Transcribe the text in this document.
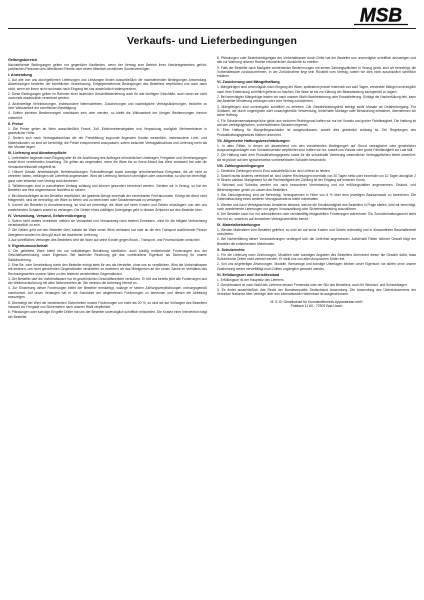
MSB
Verkaufs- und Lieferbedingungen
Geltungsbereich
Nachstehende Bedingungen gelten nur gegenüber Kaufleuten, wenn der Vertrag zum Betrieb ihres Handelsgewerbes gehört, juristischen Personen des öffentlichen Rechts oder einem öffentlich-rechtlichen Sondervermögen.
I. Anwendung
1. Auf alle von uns durchgeführten Lieferungen und Leistungen finden ausschließlich die nachstehenden Bedingungen Anwendung. Abweichungen bedürfen der schriftlichen Vereinbarung. Entgegenstehende Bedingungen des Bestellers verpflichten uns auch dann nicht, wenn wir ihnen nicht nochmals nach Eingang bei uns ausdrücklich widersprechen.
2. Diese Bedingungen gelten im Rahmen einer laufenden Geschäftsbeziehung auch für alle künftigen Geschäfte, auch wenn sie nicht nochmals ausdrücklich vereinbart werden.
3. Anderweitige Vereinbarungen, insbesondere Nebenabreden, Zusicherungen und nachträgliche Vertragsänderungen, bedürfen zu ihrer Wirksamkeit der schriftlichen Bestätigung.
4. Sollten einzelne Bestimmungen unwirksam sein oder werden, so bleibt die Wirksamkeit der übrigen Bestimmungen hiervon unberührt.
II. Preise
1. Die Preise gelten ab Werk ausschließlich Fracht, Zoll, Einfuhrnebenabgaben und Verpackung zuzüglich Mehrwertsteuer in gesetzlicher Höhe.
2. Ändern sich nach Vertragsabschluss die der Preisbildung zugrunde liegenden Kosten wesentlich, insbesondere Lohn- und Materialkosten, so sind wir berechtigt, die Preise entsprechend anzupassen, sofern zwischen Vertragsabschluss und Lieferung mehr als vier Monate liegen.
III. Lieferung und Abnahmepflicht
1. Lieferfristen beginnen nach Eingang aller für die Ausführung des Auftrages erforderlichen Unterlagen, Freigaben und Genehmigungen sowie einer vereinbarten Anzahlung. Sie gelten als eingehalten, wenn die Ware bis zu ihrem Ablauf das Werk verlassen hat oder die Versandbereitschaft mitgeteilt ist.
2. Höhere Gewalt, Arbeitskämpfe, Betriebsstörungen, Rohstoffmangel sowie sonstige unvorhersehbare Ereignisse, die wir nicht zu vertreten haben, verlängern die Lieferfrist angemessen. Wird die Lieferung hierdurch unmöglich oder unzumutbar, so sind wir berechtigt, ganz oder teilweise vom Vertrag zurückzutreten.
3. Teillieferungen sind in zumutbarem Umfang zulässig und können gesondert berechnet werden. Geraten wir in Verzug, so hat der Besteller uns eine angemessene Nachfrist zu setzen.
4. Bei Abrufaufträgen ist der Besteller verpflichtet, die gesamte Menge innerhalb der vereinbarten Frist abzurufen. Erfolgt der Abruf nicht fristgerecht, sind wir berechtigt, die Ware zu liefern und zu berechnen oder Schadensersatz zu verlangen.
5. Kommt der Besteller in Annahmeverzug, so sind wir berechtigt, die Ware auf seine Kosten und Gefahr einzulagern und den uns entstehenden Schaden ersetzt zu verlangen. Die Gefahr eines zufälligen Untergangs geht in diesem Zeitpunkt auf den Besteller über.
IV. Versendung, Versand, Gefahrenübergang
1. Sofern nicht anders vereinbart, wählen wir Versandart und Versandweg nach bestem Ermessen, ohne für die billigste Verfrachtung verantwortlich zu sein.
2. Die Gefahr geht auf den Besteller über, sobald die Ware unser Werk verlassen hat oder an die den Transport ausführende Person übergeben worden ist; dies gilt auch bei frachtfreier Lieferung.
3. Auf schriftliches Verlangen des Bestellers wird die Ware auf seine Kosten gegen Bruch-, Transport- und Feuerschäden versichert.
V. Eigentumsvorbehalt
1. Die gelieferte Ware bleibt bis zur vollständigen Bezahlung sämtlicher, auch künftig entstehender Forderungen aus der Geschäftsverbindung unser Eigentum. Bei laufender Rechnung gilt das vorbehaltene Eigentum als Sicherung für unsere Saldoforderung.
2. Eine Be- oder Verarbeitung durch den Besteller erfolgt stets für uns als Hersteller, ohne uns zu verpflichten. Wird die Vorbehaltsware mit anderen, uns nicht gehörenden Gegenständen verarbeitet, so erwerben wir das Miteigentum an der neuen Sache im Verhältnis des Rechnungswertes unserer Ware zu den anderen verarbeiteten Gegenständen.
3. Der Besteller darf die Vorbehaltsware nur im gewöhnlichen Geschäftsverkehr veräußern. Er tritt uns bereits jetzt alle Forderungen aus der Weiterveräußerung mit allen Nebenrechten ab. Wir nehmen die Abtretung hiermit an.
4. Zur Einziehung dieser Forderungen bleibt der Besteller ermächtigt, solange er seinen Zahlungsverpflichtungen ordnungsgemäß nachkommt. Auf unser Verlangen hat er die Schuldner der abgetretenen Forderungen zu benennen und diesen die Abtretung anzuzeigen.
5. Übersteigt der Wert der bestehenden Sicherheiten unsere Forderungen um mehr als 20 %, so sind wir auf Verlangen des Bestellers insoweit zur Freigabe von Sicherheiten nach unserer Wahl verpflichtet.
6. Pfändungen oder sonstige Eingriffe Dritter hat uns der Besteller unverzüglich schriftlich mitzuteilen. Die Kosten einer Intervention trägt der Besteller.
8. Pfändungen oder Beeinträchtigungen der Vorbehaltsware durch Dritte hat der Besteller uns unverzüglich schriftlich anzuzeigen und alle zur Wahrung unserer Rechte erforderlichen Auskünfte zu erteilen.
9. Falls der Besteller nach Maßgabe vorstehender Bestimmungen mit seinen Zahlungspflichten in Verzug gerät, sind wir berechtigt, die Vorbehaltsware zurückzunehmen. In der Zurücknahme liegt kein Rücktritt vom Vertrag, sofern wir dies nicht ausdrücklich schriftlich erklären.
VI. Zusicherung und Mängelhaftung
1. Mängelrügen sind unverzüglich nach Eingang der Ware, spätestens jedoch innerhalb von acht Tagen, versteckte Mängel unverzüglich nach ihrer Entdeckung schriftlich geltend zu machen. Die Ware ist bis zur Klärung der Beanstandung sachgemäß zu lagern.
2. Bei berechtigter Mängelrüge leisten wir nach unserer Wahl Nachbesserung oder Ersatzlieferung. Schlägt die Nacherfüllung fehl, kann der Besteller Minderung verlangen oder vom Vertrag zurücktreten.
3. Mängelrügen sind unverzüglich schriftlich zu erheben. Die Gewährleistungsfrist beträgt zwölf Monate ab Gefahrübergang. Für Schäden, die durch ungeeignete oder unsachgemäße Verwendung, fehlerhafte Montage oder Behandlung entstehen, übernehmen wir keine Haftung.
4. Für Schadensersatzansprüche gleich aus welchem Rechtsgrund haften wir nur bei Vorsatz und grober Fahrlässigkeit. Die Haftung ist auf den vertragstypischen, vorhersehbaren Schaden begrenzt.
5. Eine Haftung für Mangelfolgeschäden ist ausgeschlossen, soweit dies gesetzlich zulässig ist. Die Regelungen des Produkthaftungsgesetzes bleiben unberührt.
VII. Allgemeine Haftungsbeschränkungen
1. In allen Fällen, in denen wir abweichend von den vorstehenden Bedingungen auf Grund vertraglicher oder gesetzlicher Anspruchsgrundlagen zum Schadensersatz verpflichtet sind, haften wir nur, soweit uns Vorsatz oder grobe Fahrlässigkeit zur Last fällt.
2. Die Haftung nach dem Produkthaftungsgesetz sowie für die schuldhafte Verletzung wesentlicher Vertragspflichten bleibt unberührt; sie ist jedoch auf den typischerweise vorhersehbaren Schaden beschränkt.
VIII. Zahlungsbedingungen
1. Sämtliche Zahlungen sind in Euro ausschließlich an den Lieferer zu leisten.
2. Soweit nichts anderes vereinbart ist, sind unsere Rechnungen innerhalb von 30 Tagen netto oder innerhalb von 10 Tagen abzüglich 2 % Skonto zahlbar. Maßgebend für die Rechtzeitigkeit der Zahlung ist der Eingang auf unserem Konto.
3. Wechsel und Schecks werden nur nach besonderer Vereinbarung und nur erfüllungshalber angenommen. Diskont- und Wechselspesen gehen zu Lasten des Bestellers.
4. Bei Zahlungsverzug sind wir berechtigt, Verzugszinsen in Höhe von 8 % über dem jeweiligen Basiszinssatz zu berechnen. Die Geltendmachung eines weiteren Verzugsschadens bleibt vorbehalten.
5. Werden uns nach Vertragsschluss Umstände bekannt, welche die Kreditwürdigkeit des Bestellers in Frage stellen, sind wir berechtigt, noch ausstehende Lieferungen nur gegen Vorauszahlung oder Sicherheitsleistung auszuführen.
6. Der Besteller kann nur mit unbestrittenen oder rechtskräftig festgestellten Forderungen aufrechnen. Ein Zurückbehaltungsrecht steht ihm nur zu, soweit es auf demselben Vertragsverhältnis beruht.
IX. Materialbeistellungen
1. Werden Materialien vom Besteller geliefert, so sind sie auf seine Kosten und Gefahr rechtzeitig und in einwandfreier Beschaffenheit anzuliefern.
2. Bei Nichterfüllung dieser Voraussetzungen verlängert sich die Lieferfrist angemessen. Außerhalb Fällen höherer Gewalt trägt der Besteller die entstehenden Mehrkosten.
X. Schutzrechte
1. Für die Lieferung nach Zeichnungen, Modellen oder sonstigen Angaben des Bestellers übernimmt dieser die Gewähr dafür, dass Schutzrechte Dritter nicht verletzt werden. Er stellt uns von allen Ansprüchen Dritter frei.
2. Von uns angefertigte Zeichnungen, Modelle, Werkzeuge und sonstige Unterlagen bleiben unser Eigentum; sie dürfen ohne unsere Zustimmung weder vervielfältigt noch Dritten zugänglich gemacht werden.
XI. Erfüllungsort und Gerichtsstand
1. Erfüllungsort ist der Hauptsitz des Lieferers.
2. Gerichtsstand ist nach Wahl des Lieferers dessen Firmensitz oder der Sitz des Bestellers, auch für Wechsel- und Scheckklagen.
3. Es findet ausschließlich das Recht der Bundesrepublik Deutschland Anwendung. Die Anwendung des Übereinkommens der Vereinten Nationen über Verträge über den internationalen Warenkauf ist ausgeschlossen.
M. S. B. Gesellschaft für Kunststofftechnik-Apparatebau mbH
Postfach 11 60 · 72902 Bad Urach
